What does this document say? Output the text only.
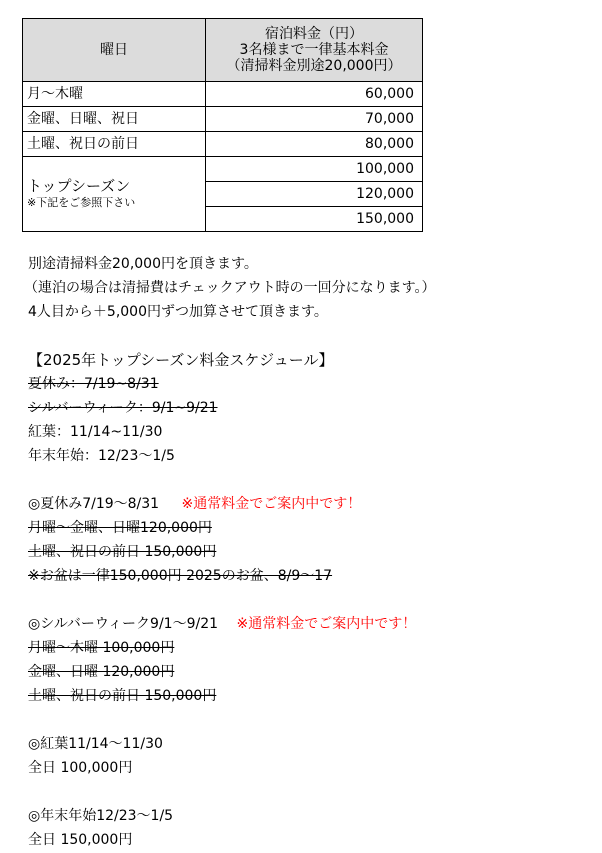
曜日	宿泊料金（円）
3名様まで一律基本料金
（清掃料金別途20,000円）

月～木曜	60,000
金曜、日曜、祝日	70,000
土曜、祝日の前日	80,000

トップシーズン
※下記をご参照下さい	100,000
	120,000
	150,000
別途清掃料金20,000円を頂きます。
（連泊の場合は清掃費はチェックアウト時の一回分になります。）
4人目から＋5,000円ずつ加算させて頂きます。
【2025年トップシーズン料金スケジュール】
夏休み：7/19~8/31
シルバーウィーク：9/1~9/21
紅葉：11/14~11/30
年末年始：12/23～1/5
◎夏休み7/19～8/31 ※通常料金でご案内中です！
月曜～金曜、日曜120,000円
土曜、祝日の前日 150,000円
※お盆は一律150,000円 2025のお盆、8/9～17
◎シルバーウィーク9/1～9/21 ※通常料金でご案内中です！
月曜～木曜 100,000円
金曜、日曜 120,000円
土曜、祝日の前日 150,000円
◎紅葉11/14～11/30
全日 100,000円
◎年末年始12/23～1/5
全日 150,000円
